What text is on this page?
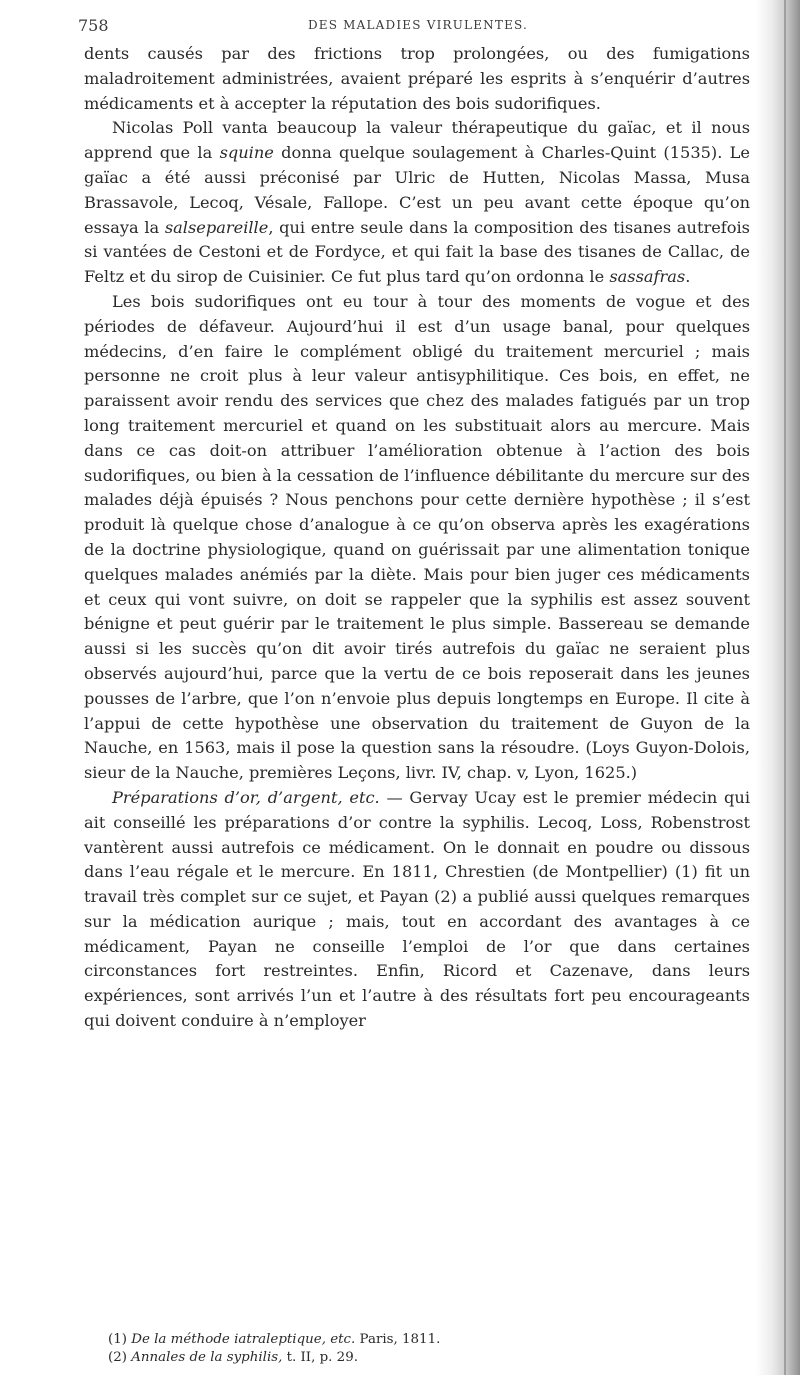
758	DES MALADIES VIRULENTES.

dents causés par des frictions trop prolongées, ou des fumigations maladroitement administrées, avaient préparé les esprits à s’enquérir d’autres médicaments et à accepter la réputation des bois sudorifiques.

Nicolas Poll vanta beaucoup la valeur thérapeutique du gaïac, et il nous apprend que la squine donna quelque soulagement à Charles-Quint (1535). Le gaïac a été aussi préconisé par Ulric de Hutten, Nicolas Massa, Musa Brassavole, Lecoq, Vésale, Fallope. C’est un peu avant cette époque qu’on essaya la salsepareille, qui entre seule dans la composition des tisanes autrefois si vantées de Cestoni et de Fordyce, et qui fait la base des tisanes de Callac, de Feltz et du sirop de Cuisinier. Ce fut plus tard qu’on ordonna le sassafras.

Les bois sudorifiques ont eu tour à tour des moments de vogue et des périodes de défaveur. Aujourd’hui il est d’un usage banal, pour quelques médecins, d’en faire le complément obligé du traitement mercuriel ; mais personne ne croit plus à leur valeur antisyphilitique. Ces bois, en effet, ne paraissent avoir rendu des services que chez des malades fatigués par un trop long traitement mercuriel et quand on les substituait alors au mercure. Mais dans ce cas doit-on attribuer l’amélioration obtenue à l’action des bois sudorifiques, ou bien à la cessation de l’influence débilitante du mercure sur des malades déjà épuisés ? Nous penchons pour cette dernière hypothèse ; il s’est produit là quelque chose d’analogue à ce qu’on observa après les exagérations de la doctrine physiologique, quand on guérissait par une alimentation tonique quelques malades anémiés par la diète. Mais pour bien juger ces médicaments et ceux qui vont suivre, on doit se rappeler que la syphilis est assez souvent bénigne et peut guérir par le traitement le plus simple. Bassereau se demande aussi si les succès qu’on dit avoir tirés autrefois du gaïac ne seraient plus observés aujourd’hui, parce que la vertu de ce bois reposerait dans les jeunes pousses de l’arbre, que l’on n’envoie plus depuis longtemps en Europe. Il cite à l’appui de cette hypothèse une observation du traitement de Guyon de la Nauche, en 1563, mais il pose la question sans la résoudre. (Loys Guyon-Dolois, sieur de la Nauche, premières Leçons, livr. IV, chap. v, Lyon, 1625.)

Préparations d’or, d’argent, etc. — Gervay Ucay est le premier médecin qui ait conseillé les préparations d’or contre la syphilis. Lecoq, Loss, Robenstrost vantèrent aussi autrefois ce médicament. On le donnait en poudre ou dissous dans l’eau régale et le mercure. En 1811, Chrestien (de Montpellier) (1) fit un travail très complet sur ce sujet, et Payan (2) a publié aussi quelques remarques sur la médication aurique ; mais, tout en accordant des avantages à ce médicament, Payan ne conseille l’emploi de l’or que dans certaines circonstances fort restreintes. Enfin, Ricord et Cazenave, dans leurs expériences, sont arrivés l’un et l’autre à des résultats fort peu encourageants qui doivent conduire à n’employer

(1) De la méthode iatraleptique, etc. Paris, 1811.
(2) Annales de la syphilis, t. II, p. 29.
